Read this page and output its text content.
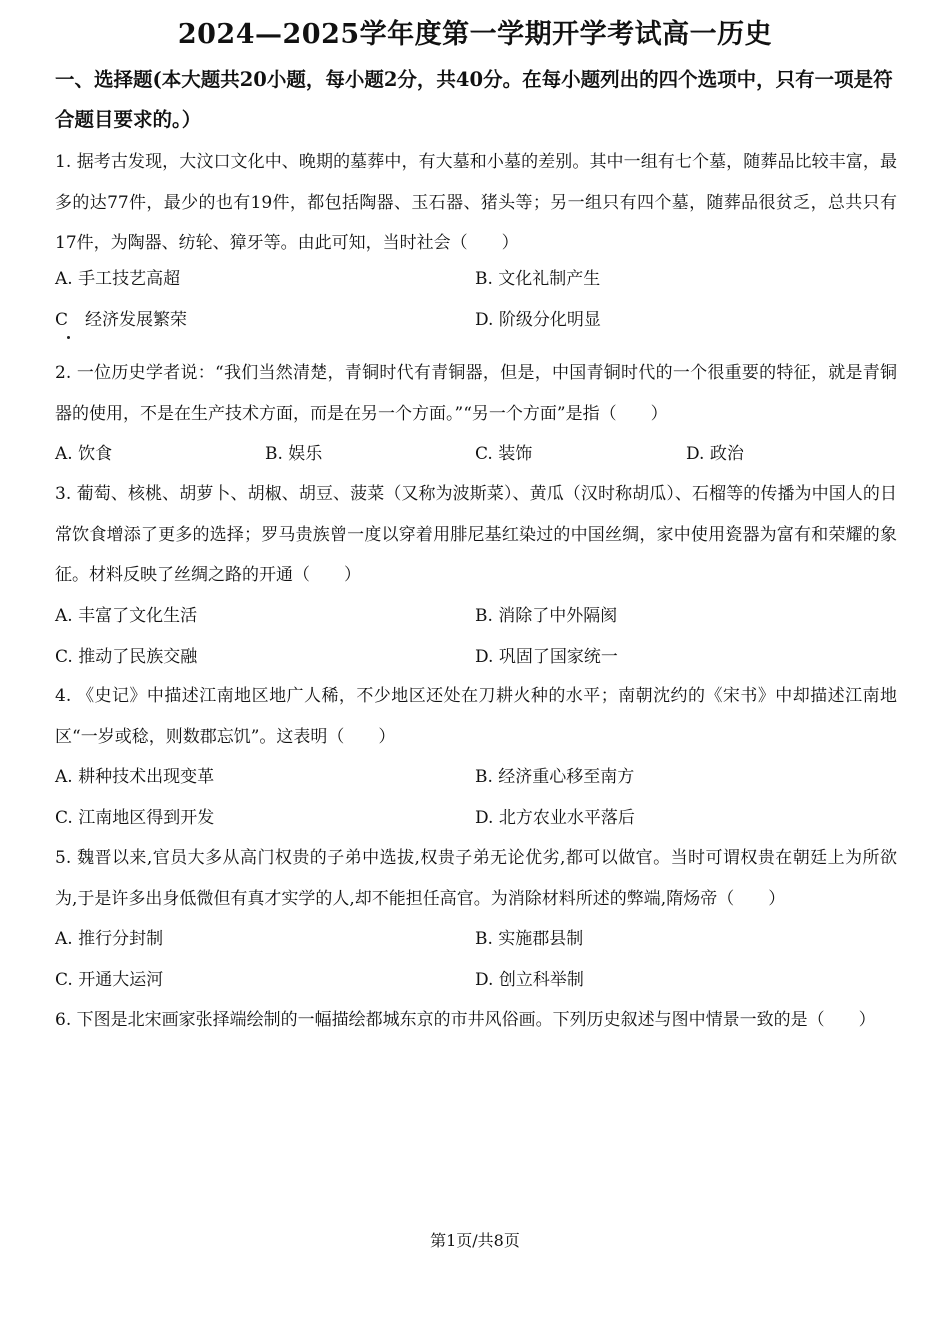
2024—2025学年度第一学期开学考试高一历史
一、选择题(本大题共20小题，每小题2分，共40分。在每小题列出的四个选项中，只有一项是符合题目要求的。）
1. 据考古发现，大汶口文化中、晚期的墓葬中，有大墓和小墓的差别。其中一组有七个墓，随葬品比较丰富，最多的达77件，最少的也有19件，都包括陶器、玉石器、猪头等；另一组只有四个墓，随葬品很贫乏，总共只有17件，为陶器、纺轮、獐牙等。由此可知，当时社会（　　）
A. 手工技艺高超	B. 文化礼制产生
C　经济发展繁荣	D. 阶级分化明显
2. 一位历史学者说：“我们当然清楚，青铜时代有青铜器，但是，中国青铜时代的一个很重要的特征，就是青铜器的使用，不是在生产技术方面，而是在另一个方面。”“另一个方面”是指（　　）
A. 饮食	B. 娱乐	C. 装饰	D. 政治
3. 葡萄、核桃、胡萝卜、胡椒、胡豆、菠菜（又称为波斯菜）、黄瓜（汉时称胡瓜）、石榴等的传播为中国人的日常饮食增添了更多的选择；罗马贵族曾一度以穿着用腓尼基红染过的中国丝绸，家中使用瓷器为富有和荣耀的象征。材料反映了丝绸之路的开通（　　）
A. 丰富了文化生活	B. 消除了中外隔阂
C. 推动了民族交融	D. 巩固了国家统一
4. 《史记》中描述江南地区地广人稀，不少地区还处在刀耕火种的水平；南朝沈约的《宋书》中却描述江南地区“一岁或稔，则数郡忘饥”。这表明（　　）
A. 耕种技术出现变革	B. 经济重心移至南方
C. 江南地区得到开发	D. 北方农业水平落后
5. 魏晋以来,官员大多从高门权贵的子弟中选拔,权贵子弟无论优劣,都可以做官。当时可谓权贵在朝廷上为所欲为,于是许多出身低微但有真才实学的人,却不能担任高官。为消除材料所述的弊端,隋炀帝（　　）
A. 推行分封制	B. 实施郡县制
C. 开通大运河	D. 创立科举制
6. 下图是北宋画家张择端绘制的一幅描绘都城东京的市井风俗画。下列历史叙述与图中情景一致的是（　　）
第1页/共8页
